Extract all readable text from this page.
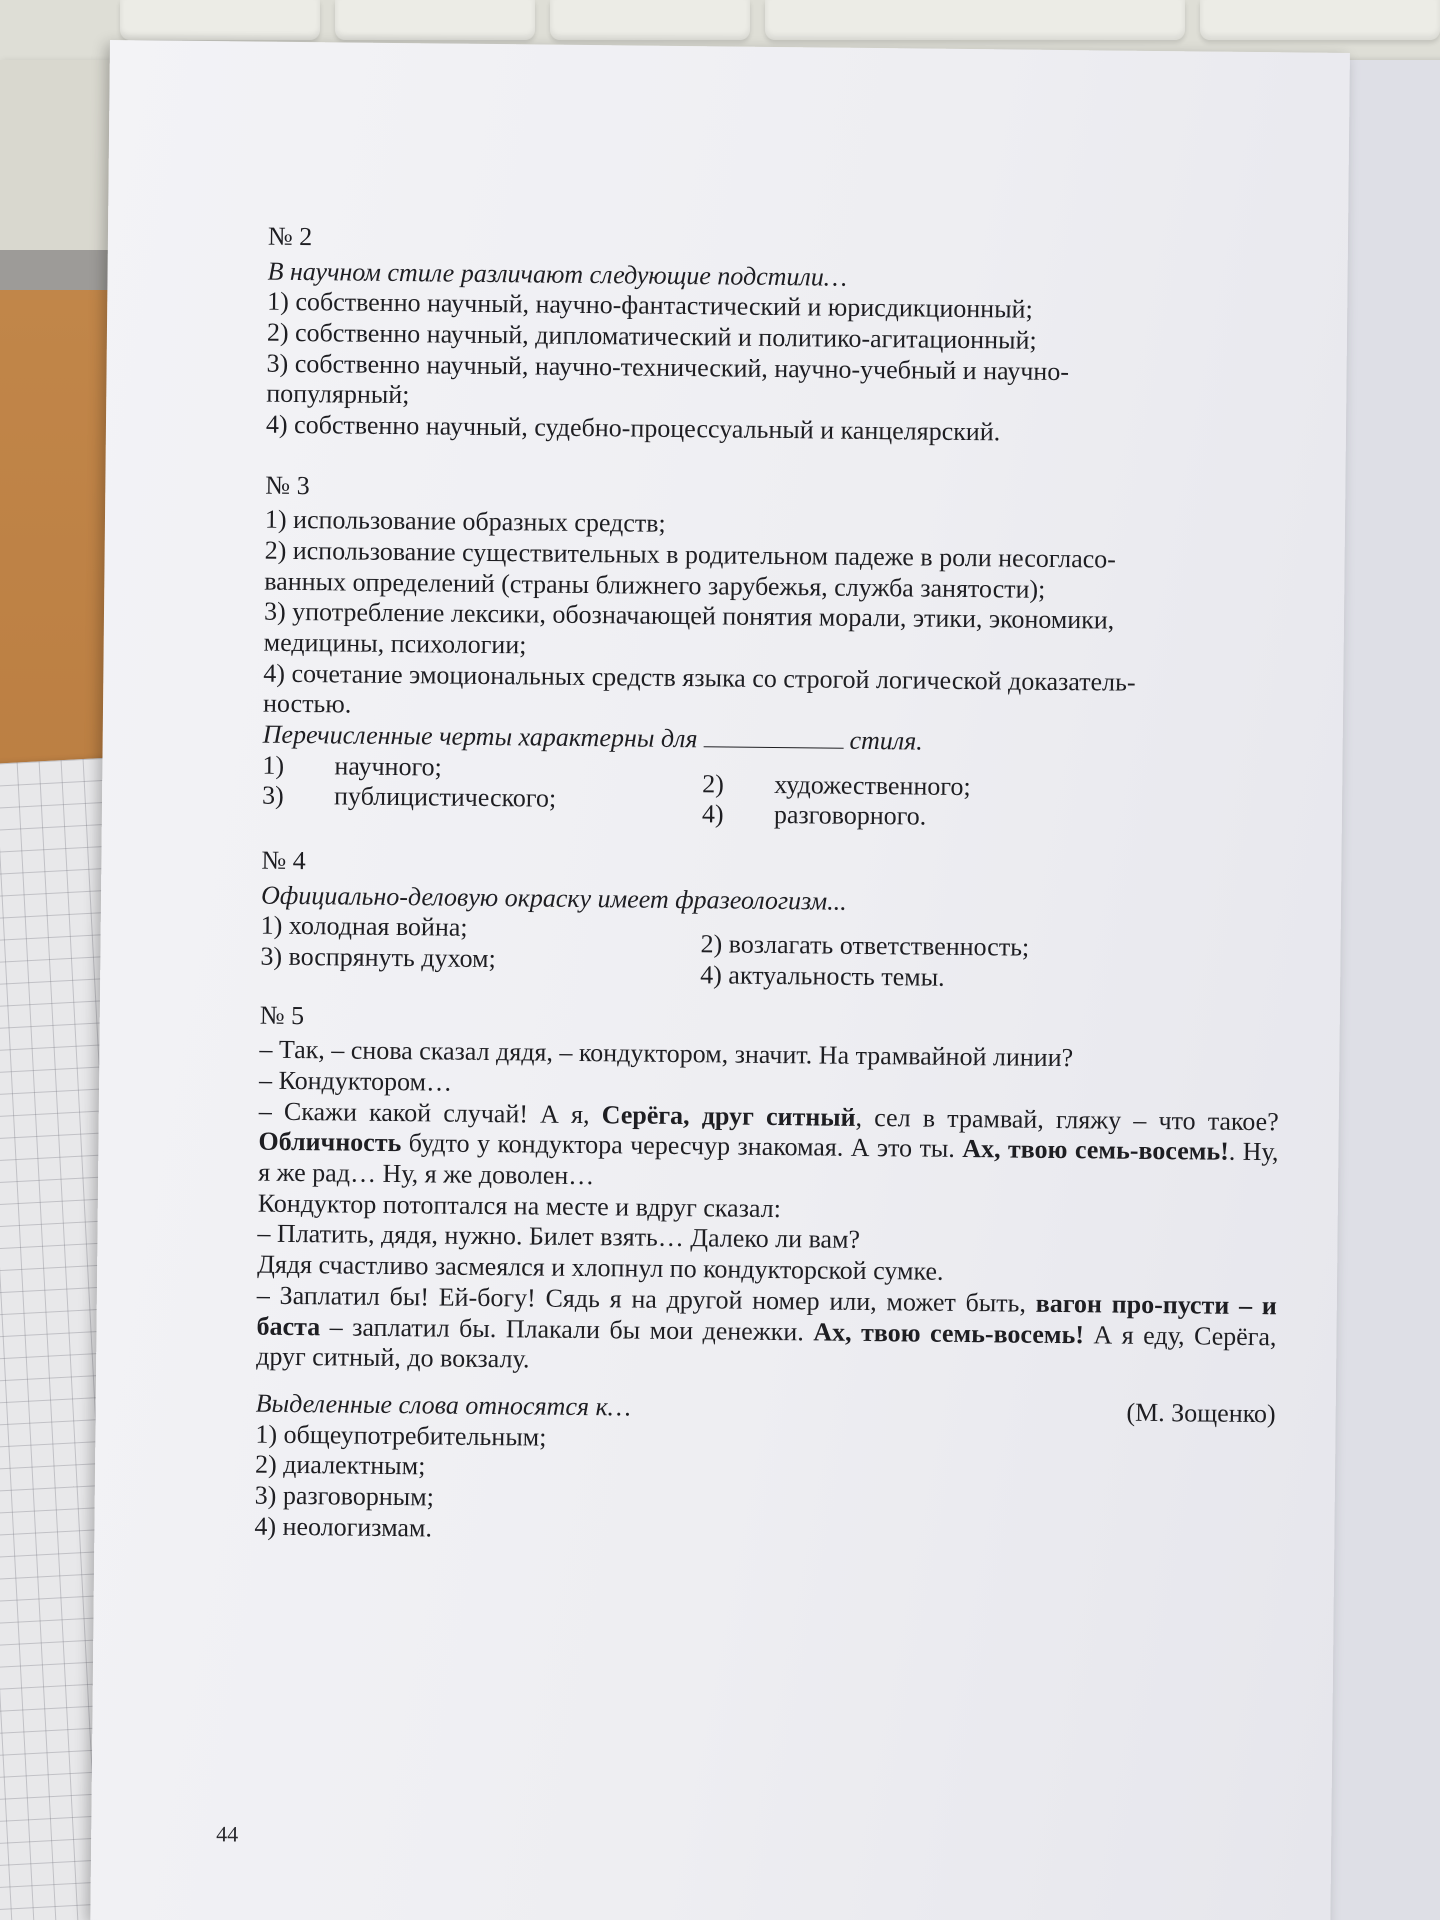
№ 2

В научном стиле различают следующие подстили…

1) собственно научный, научно-фантастический и юрисдикционный;

2) собственно научный, дипломатический и политико-агитационный;

3) собственно научный, научно-технический, научно-учебный и научно-

популярный;

4) собственно научный, судебно-процессуальный и канцелярский.

№ 3

1) использование образных средств;

2) использование существительных в родительном падеже в роли несогласо-

ванных определений (страны ближнего зарубежья, служба занятости);

3) употребление лексики, обозначающей понятия морали, этики, экономики,

медицины, психологии;

4) сочетание эмоциональных средств языка со строгой логической доказатель-

ностью.

Перечисленные черты характерны для	стиля.

1)	научного;
2)	художественного;
3)	публицистического;
4)	разговорного.

№ 4

Официально-деловую окраску имеет фразеологизм...

1) холодная война;

2) возлагать ответственность;

3) воспрянуть духом;

4) актуальность темы.

№ 5

– Так, – снова сказал дядя, – кондуктором, значит. На трамвайной линии?

– Кондуктором…

– Скажи какой случай! А я, Серёга, друг ситный, сел в трамвай, гляжу – что такое? Обличность будто у кондуктора чересчур знакомая. А это ты. Ах, твою семь-восемь!. Ну, я же рад… Ну, я же доволен…

Кондуктор потоптался на месте и вдруг сказал:

– Платить, дядя, нужно. Билет взять… Далеко ли вам?

Дядя счастливо засмеялся и хлопнул по кондукторской сумке.

– Заплатил бы! Ей-богу! Сядь я на другой номер или, может быть, вагон про-пусти – и баста – заплатил бы. Плакали бы мои денежки. Ах, твою семь-восемь! А я еду, Серёга, друг ситный, до вокзалу.

Выделенные слова относятся к…	(М. Зощенко)

1) общеупотребительным;

2) диалектным;

3) разговорным;

4) неологизмам.

44
